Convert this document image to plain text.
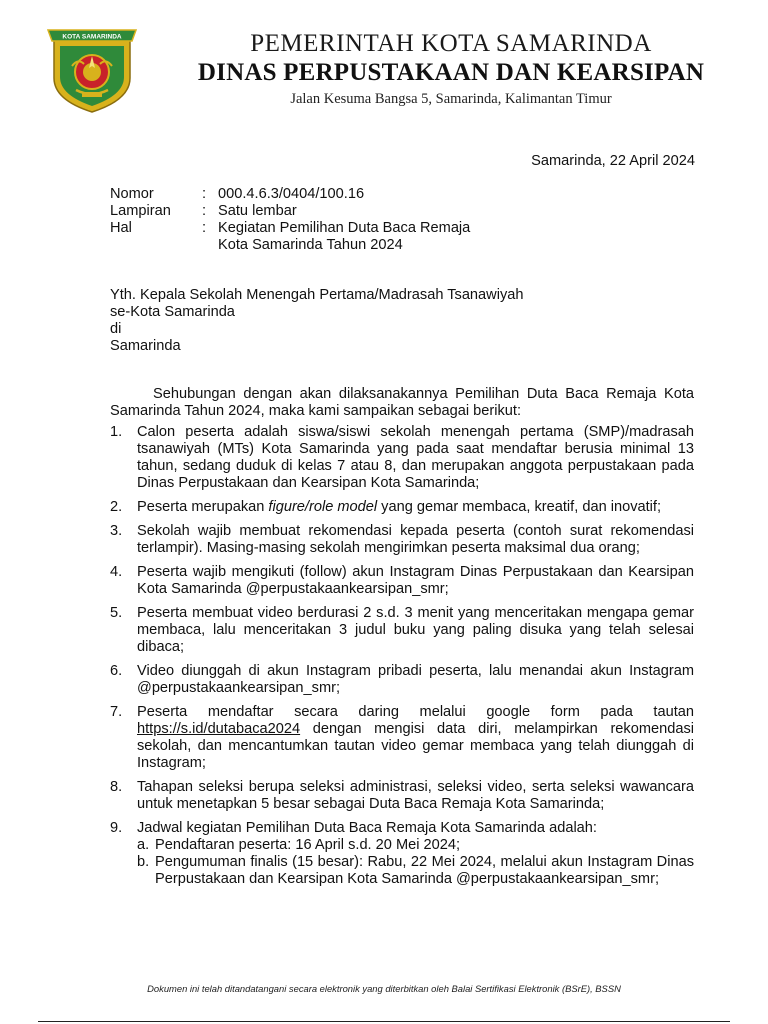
KOTA SAMARINDA	PEMERINTAH KOTA SAMARINDA
DINAS PERPUSTAKAAN DAN KEARSIPAN
Jalan Kesuma Bangsa 5, Samarinda, Kalimantan Timur
Samarinda, 22 April 2024
Nomor	: 000.4.6.3/0404/100.16
Lampiran	: Satu lembar
Hal	: Kegiatan Pemilihan Duta Baca Remaja
Kota Samarinda Tahun 2024
Yth. Kepala Sekolah Menengah Pertama/Madrasah Tsanawiyah
se-Kota Samarinda
di
Samarinda
Sehubungan dengan akan dilaksanakannya Pemilihan Duta Baca Remaja Kota Samarinda Tahun 2024, maka kami sampaikan sebagai berikut:
1.	Calon peserta adalah siswa/siswi sekolah menengah pertama (SMP)/madrasah tsanawiyah (MTs) Kota Samarinda yang pada saat mendaftar berusia minimal 13 tahun, sedang duduk di kelas 7 atau 8, dan merupakan anggota perpustakaan pada Dinas Perpustakaan dan Kearsipan Kota Samarinda;
2.	Peserta merupakan figure/role model yang gemar membaca, kreatif, dan inovatif;
3.	Sekolah wajib membuat rekomendasi kepada peserta (contoh surat rekomendasi terlampir). Masing-masing sekolah mengirimkan peserta maksimal dua orang;
4.	Peserta wajib mengikuti (follow) akun Instagram Dinas Perpustakaan dan Kearsipan Kota Samarinda @perpustakaankearsipan_smr;
5.	Peserta membuat video berdurasi 2 s.d. 3 menit yang menceritakan mengapa gemar membaca, lalu menceritakan 3 judul buku yang paling disuka yang telah selesai dibaca;
6.	Video diunggah di akun Instagram pribadi peserta, lalu menandai akun Instagram @perpustakaankearsipan_smr;
7.	Peserta mendaftar secara daring melalui google form pada tautan
https://s.id/dutabaca2024 dengan mengisi data diri, melampirkan rekomendasi sekolah, dan mencantumkan tautan video gemar membaca yang telah diunggah di Instagram;
8.	Tahapan seleksi berupa seleksi administrasi, seleksi video, serta seleksi wawancara untuk menetapkan 5 besar sebagai Duta Baca Remaja Kota Samarinda;
9.	Jadwal kegiatan Pemilihan Duta Baca Remaja Kota Samarinda adalah:
a. Pendaftaran peserta: 16 April s.d. 20 Mei 2024;
b. Pengumuman finalis (15 besar): Rabu, 22 Mei 2024, melalui akun Instagram Dinas Perpustakaan dan Kearsipan Kota Samarinda @perpustakaankearsipan_smr;
Dokumen ini telah ditandatangani secara elektronik yang diterbitkan oleh Balai Sertifikasi Elektronik (BSrE), BSSN
